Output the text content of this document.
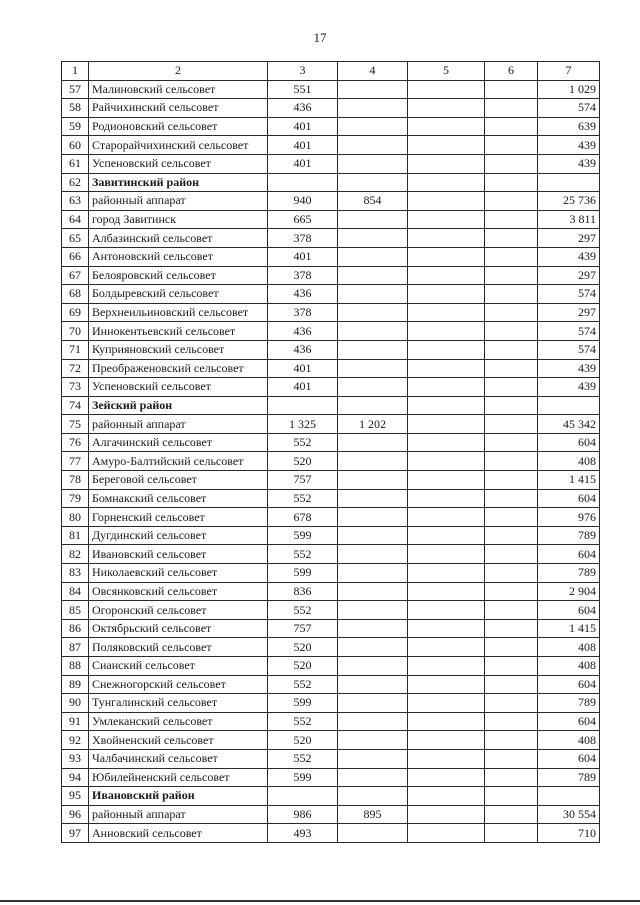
17
1	2	3	4	5	6	7
57	Малиновский сельсовет	551				1 029
58	Райчихинский сельсовет	436				574
59	Родионовский сельсовет	401				639
60	Старорайчихинский сельсовет	401				439
61	Успеновский сельсовет	401				439
62	Завитинский район					
63	районный аппарат	940	854			25 736
64	город Завитинск	665				3 811
65	Албазинский сельсовет	378				297
66	Антоновский сельсовет	401				439
67	Белояровский сельсовет	378				297
68	Болдыревский сельсовет	436				574
69	Верхнеильиновский сельсовет	378				297
70	Иннокентьевский сельсовет	436				574
71	Куприяновский сельсовет	436				574
72	Преображеновский сельсовет	401				439
73	Успеновский сельсовет	401				439
74	Зейский район					
75	районный аппарат	1 325	1 202			45 342
76	Алгачинский сельсовет	552				604
77	Амуро-Балтийский сельсовет	520				408
78	Береговой сельсовет	757				1 415
79	Бомнакский сельсовет	552				604
80	Горненский сельсовет	678				976
81	Дугдинский сельсовет	599				789
82	Ивановский сельсовет	552				604
83	Николаевский сельсовет	599				789
84	Овсянковский сельсовет	836				2 904
85	Огоронский сельсовет	552				604
86	Октябрьский сельсовет	757				1 415
87	Поляковский сельсовет	520				408
88	Сианский сельсовет	520				408
89	Снежногорский сельсовет	552				604
90	Тунгалинский сельсовет	599				789
91	Умлеканский сельсовет	552				604
92	Хвойненский сельсовет	520				408
93	Чалбачинский сельсовет	552				604
94	Юбилейненский сельсовет	599				789
95	Ивановский район					
96	районный аппарат	986	895			30 554
97	Анновский сельсовет	493				710
